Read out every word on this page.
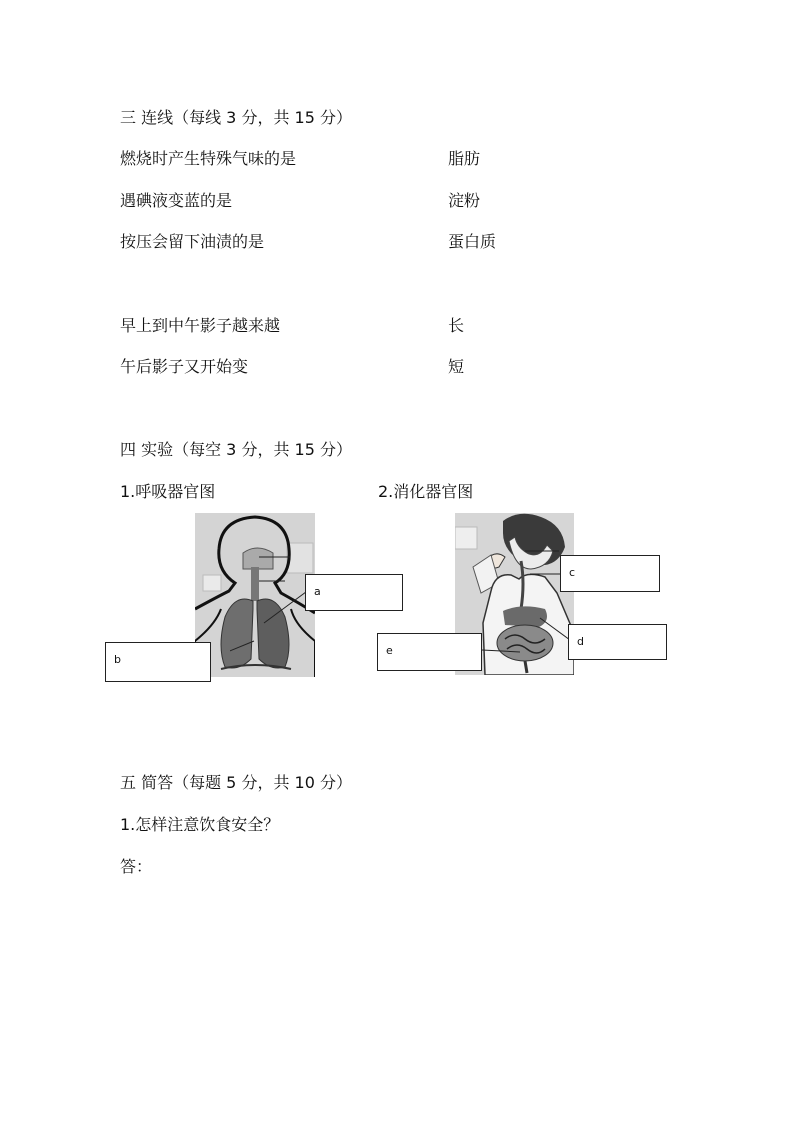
三 连线（每线 3 分，共 15 分）
燃烧时产生特殊气味的是	脂肪
遇碘液变蓝的是	淀粉
按压会留下油渍的是	蛋白质
早上到中午影子越来越	长
午后影子又开始变	短
四 实验（每空 3 分，共 15 分）
1.呼吸器官图	2.消化器官图
a
b
c
d
e
五 简答（每题 5 分，共 10 分）
1.怎样注意饮食安全？
答：
